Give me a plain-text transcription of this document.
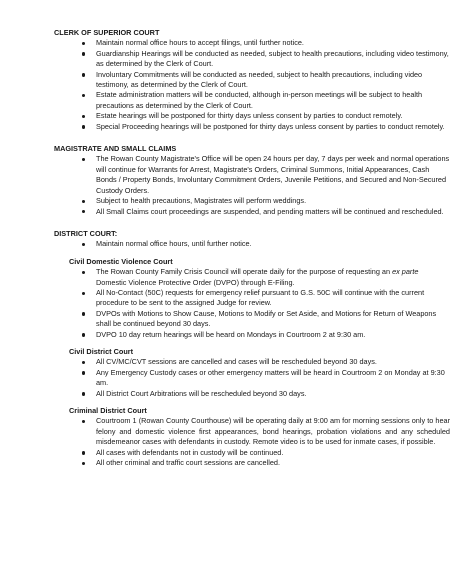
CLERK OF SUPERIOR COURT
Maintain normal office hours to accept filings, until further notice.
Guardianship Hearings will be conducted as needed, subject to health precautions, including video testimony, as determined by the Clerk of Court.
Involuntary Commitments will be conducted as needed, subject to health precautions, including video testimony, as determined by the Clerk of Court.
Estate administration matters will be conducted, although in-person meetings will be subject to health precautions as determined by the Clerk of Court.
Estate hearings will be postponed for thirty days unless consent by parties to conduct remotely.
Special Proceeding hearings will be postponed for thirty days unless consent by parties to conduct remotely.
MAGISTRATE AND SMALL CLAIMS
The Rowan County Magistrate's Office will be open 24 hours per day, 7 days per week and normal operations will continue for Warrants for Arrest, Magistrate's Orders, Criminal Summons, Initial Appearances, Cash Bonds / Property Bonds, Involuntary Commitment Orders, Juvenile Petitions, and Secured and Non-Secured Custody Orders.
Subject to health precautions, Magistrates will perform weddings.
All Small Claims court proceedings are suspended, and pending matters will be continued and rescheduled.
DISTRICT COURT:
Maintain normal office hours, until further notice.
Civil Domestic Violence Court
The Rowan County Family Crisis Council will operate daily for the purpose of requesting an ex parte Domestic Violence Protective Order (DVPO) through E-Filing.
All No-Contact (50C) requests for emergency relief pursuant to G.S. 50C will continue with the current procedure to be sent to the assigned Judge for review.
DVPOs with Motions to Show Cause, Motions to Modify or Set Aside, and Motions for Return of Weapons shall be continued beyond 30 days.
DVPO 10 day return hearings will be heard on Mondays in Courtroom 2 at 9:30 am.
Civil District Court
All CV/MC/CVT sessions are cancelled and cases will be rescheduled beyond 30 days.
Any Emergency Custody cases or other emergency matters will be heard in Courtroom 2 on Monday at 9:30 am.
All District Court Arbitrations will be rescheduled beyond 30 days.
Criminal District Court
Courtroom 1 (Rowan County Courthouse) will be operating daily at 9:00 am for morning sessions only to hear felony and domestic violence first appearances, bond hearings, probation violations and any scheduled misdemeanor cases with defendants in custody. Remote video is to be used for inmate cases, if possible.
All cases with defendants not in custody will be continued.
All other criminal and traffic court sessions are cancelled.
